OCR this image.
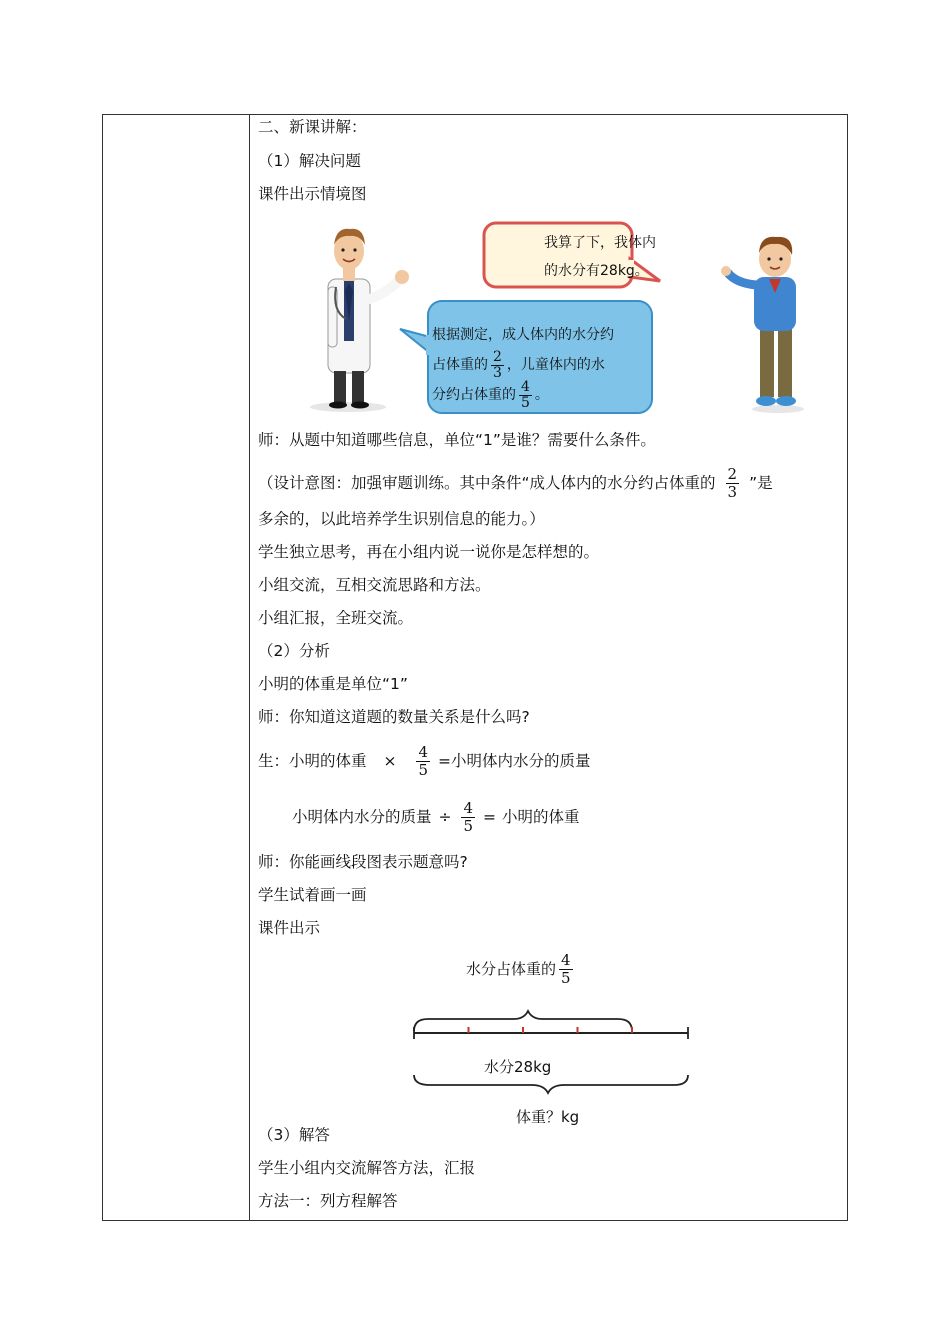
二、新课讲解：
（1）解决问题
课件出示情境图
我算了下，我体内
的水分有28kg。
根据测定，成人体内的水分约
占体重的 $\frac{2}{3}$ ，儿童体内的水
分约占体重的 $\frac{4}{5}$ 。
师：从题中知道哪些信息，单位“1”是谁？需要什么条件。
（设计意图：加强审题训练。其中条件“成人体内的水分约占体重的 $\frac{2}{3}$ ”是
多余的，以此培养学生识别信息的能力。）
学生独立思考，再在小组内说一说你是怎样想的。
小组交流，互相交流思路和方法。
小组汇报，全班交流。
（2）分析
小明的体重是单位“1”
师：你知道这道题的数量关系是什么吗?
生：小明的体重 × $\frac{4}{5}$ =小明体内水分的质量
小明体内水分的质量 ÷ $\frac{4}{5}$ = 小明的体重
师：你能画线段图表示题意吗?
学生试着画一画
课件出示
水分占体重的 $\frac{4}{5}$
水分28kg
体重？kg
（3）解答
学生小组内交流解答方法，汇报
方法一：列方程解答
